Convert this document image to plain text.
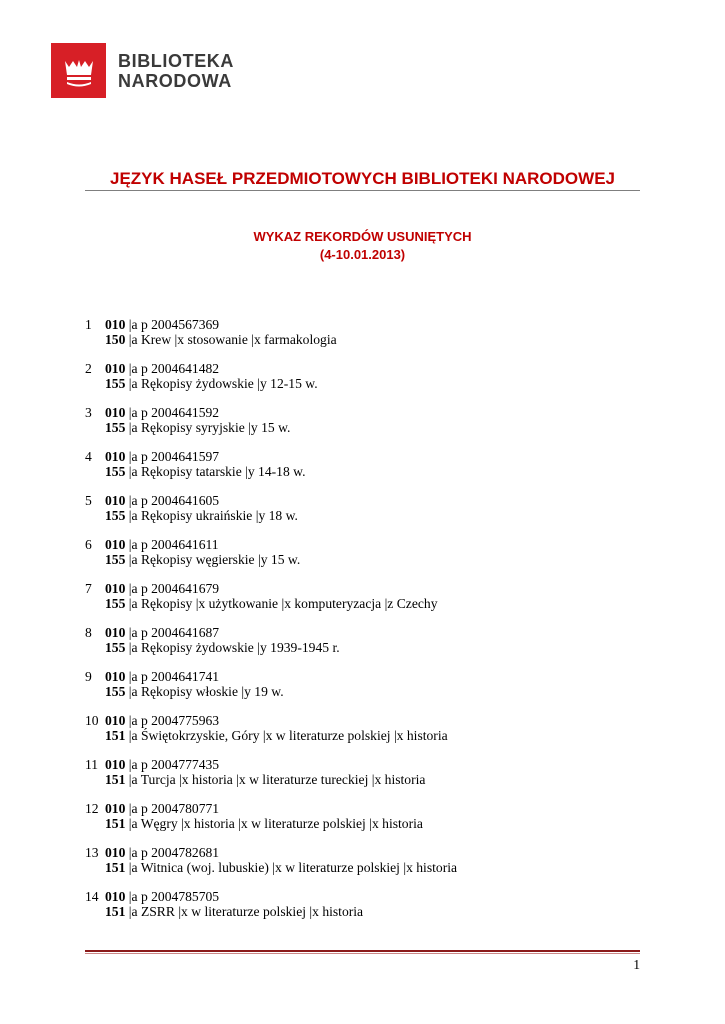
BIBLIOTEKA
NARODOWA
JĘZYK HASEŁ PRZEDMIOTOWYCH BIBLIOTEKI NARODOWEJ
WYKAZ REKORDÓW USUNIĘTYCH
(4-10.01.2013)
1 010 |a p 2004567369
150 |a Krew |x stosowanie |x farmakologia
2 010 |a p 2004641482
155 |a Rękopisy żydowskie |y 12-15 w.
3 010 |a p 2004641592
155 |a Rękopisy syryjskie |y 15 w.
4 010 |a p 2004641597
155 |a Rękopisy tatarskie |y 14-18 w.
5 010 |a p 2004641605
155 |a Rękopisy ukraińskie |y 18 w.
6 010 |a p 2004641611
155 |a Rękopisy węgierskie |y 15 w.
7 010 |a p 2004641679
155 |a Rękopisy |x użytkowanie |x komputeryzacja |z Czechy
8 010 |a p 2004641687
155 |a Rękopisy żydowskie |y 1939-1945 r.
9 010 |a p 2004641741
155 |a Rękopisy włoskie |y 19 w.
10 010 |a p 2004775963
151 |a Świętokrzyskie, Góry |x w literaturze polskiej |x historia
11 010 |a p 2004777435
151 |a Turcja |x historia |x w literaturze tureckiej |x historia
12 010 |a p 2004780771
151 |a Węgry |x historia |x w literaturze polskiej |x historia
13 010 |a p 2004782681
151 |a Witnica (woj. lubuskie) |x w literaturze polskiej |x historia
14 010 |a p 2004785705
151 |a ZSRR |x w literaturze polskiej |x historia
1
